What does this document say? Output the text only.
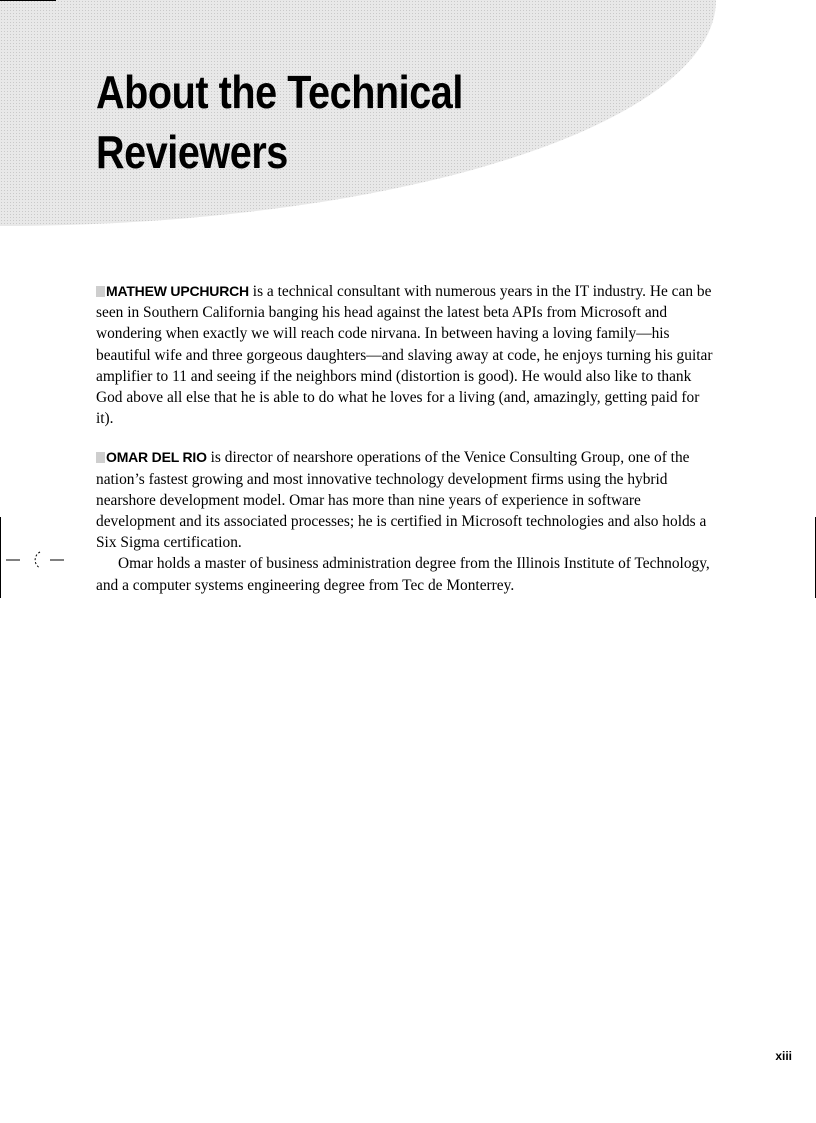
About the Technical
Reviewers

MATHEW UPCHURCH is a technical consultant with numerous years in the IT industry. He can be seen in Southern California banging his head against the latest beta APIs from Microsoft and wondering when exactly we will reach code nirvana. In between having a loving family—his beautiful wife and three gorgeous daughters—and slaving away at code, he enjoys turning his guitar amplifier to 11 and seeing if the neighbors mind (distortion is good). He would also like to thank God above all else that he is able to do what he loves for a living (and, amazingly, getting paid for it).

OMAR DEL RIO is director of nearshore operations of the Venice Consulting Group, one of the nation’s fastest growing and most innovative technology development firms using the hybrid nearshore development model. Omar has more than nine years of experience in software development and its associated processes; he is certified in Microsoft technologies and also holds a Six Sigma certification.

Omar holds a master of business administration degree from the Illinois Institute of Technology, and a computer systems engineering degree from Tec de Monterrey.

xiii
